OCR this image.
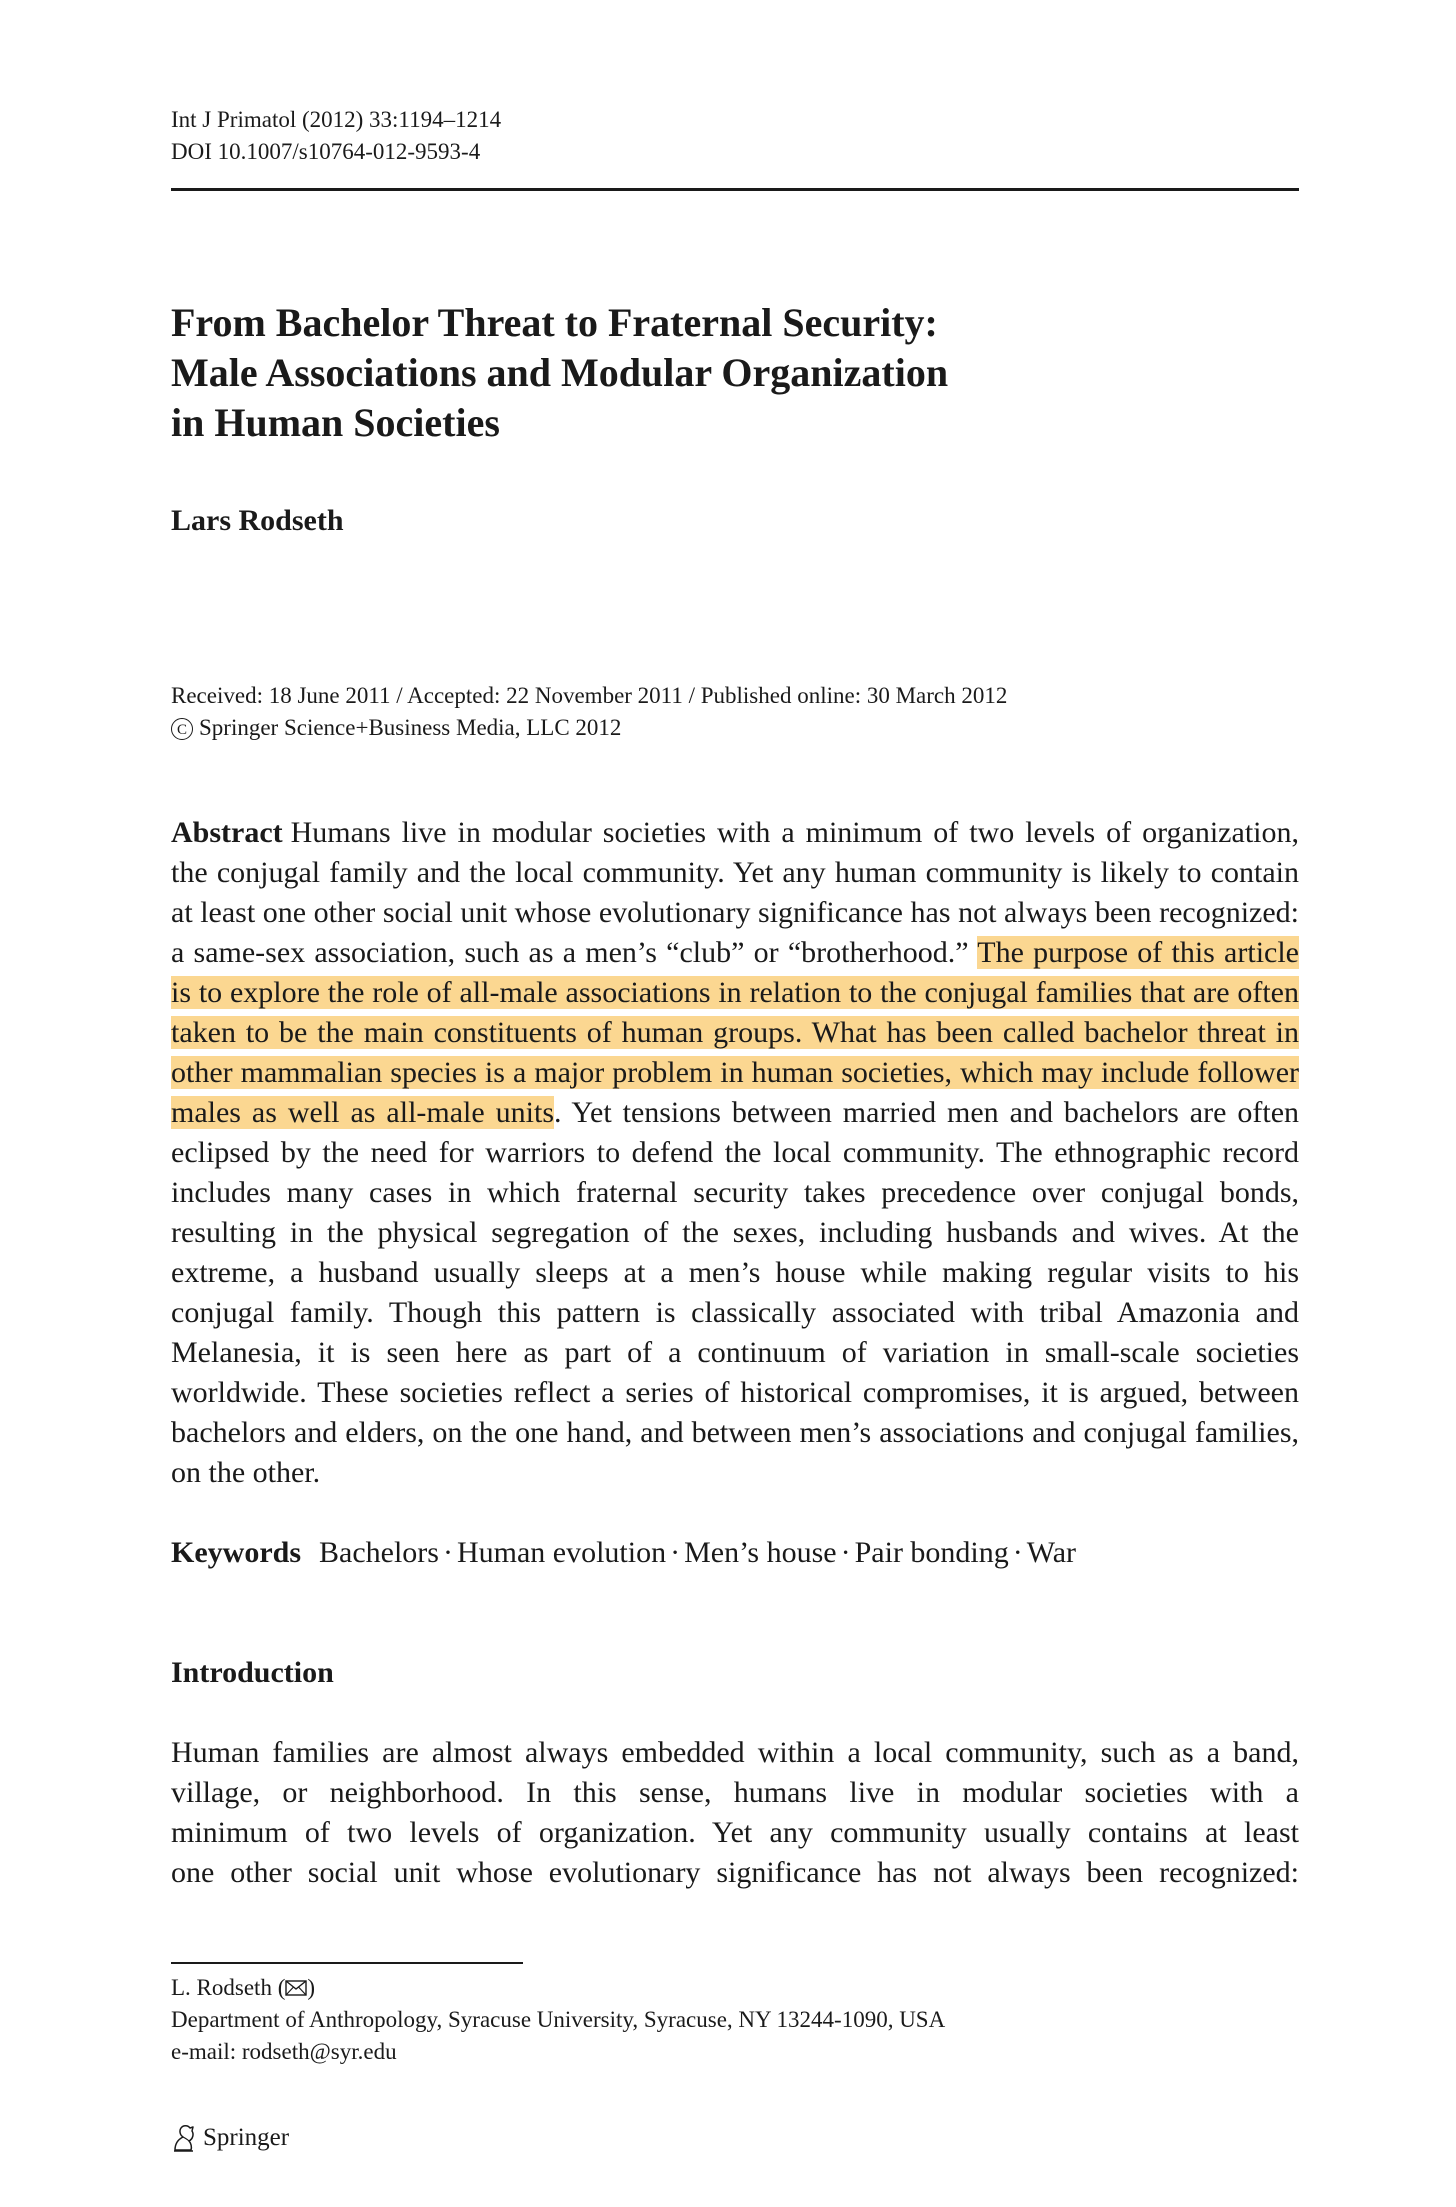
Int J Primatol (2012) 33:1194–1214
DOI 10.1007/s10764-012-9593-4
From Bachelor Threat to Fraternal Security:
Male Associations and Modular Organization
in Human Societies
Lars Rodseth
Received: 18 June 2011 / Accepted: 22 November 2011 / Published online: 30 March 2012
C Springer Science+Business Media, LLC 2012

Abstract Humans live in modular societies with a minimum of two levels of organization, the conjugal family and the local community. Yet any human community is likely to contain at least one other social unit whose evolutionary significance has not always been recognized: a same-sex association, such as a men’s “club” or “brotherhood.” The purpose of this article is to explore the role of all-male associations in relation to the conjugal families that are often taken to be the main constituents of human groups. What has been called bachelor threat in other mammalian species is a major problem in human societies, which may include follower males as well as all-male units. Yet tensions between married men and bachelors are often eclipsed by the need for warriors to defend the local community. The ethnographic record includes many cases in which fraternal security takes precedence over conjugal bonds, resulting in the physical segregation of the sexes, including husbands and wives. At the extreme, a husband usually sleeps at a men’s house while making regular visits to his conjugal family. Though this pattern is classically associated with tribal Amazonia and Melanesia, it is seen here as part of a continuum of variation in small-scale societies worldwide. These societies reflect a series of historical compromises, it is argued, between bachelors and elders, on the one hand, and between men’s associations and conjugal families, on the other.

Keywords Bachelors · Human evolution · Men’s house · Pair bonding · War
Introduction

Human families are almost always embedded within a local community, such as a band,
village, or neighborhood. In this sense, humans live in modular societies with a
minimum of two levels of organization. Yet any community usually contains at least
one other social unit whose evolutionary significance has not always been recognized:

L. Rodseth ( )
Department of Anthropology, Syracuse University, Syracuse, NY 13244-1090, USA
e-mail: rodseth@syr.edu
Springer
